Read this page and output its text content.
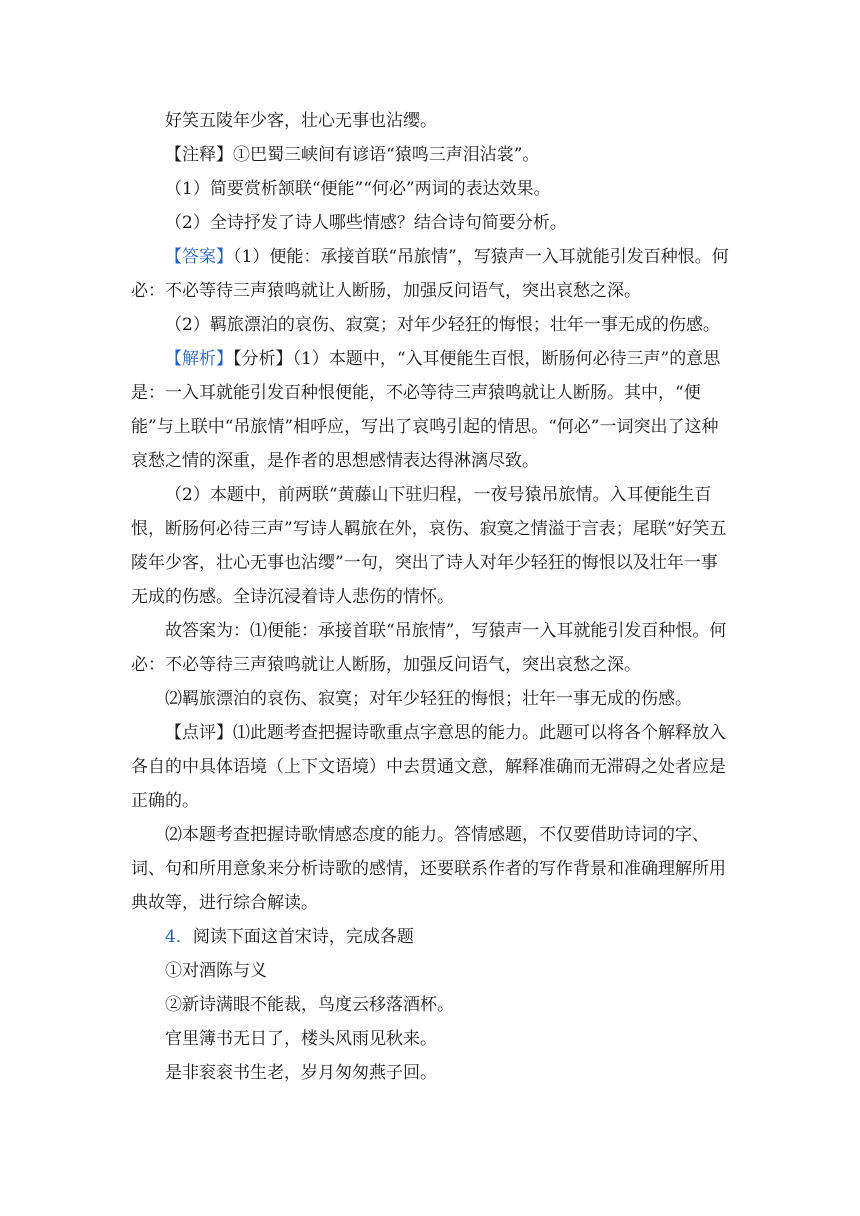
好笑五陵年少客，壮心无事也沾缨。

【注释】①巴蜀三峡间有谚语“猿鸣三声泪沾裳”。

（1）简要赏析颔联“便能”“何必”两词的表达效果。

（2）全诗抒发了诗人哪些情感？结合诗句简要分析。

【答案】（1）便能：承接首联“吊旅情”，写猿声一入耳就能引发百种恨。何必：不必等待三声猿鸣就让人断肠，加强反问语气，突出哀愁之深。

（2）羁旅漂泊的哀伤、寂寞；对年少轻狂的悔恨；壮年一事无成的伤感。

【解析】【分析】（1）本题中，“入耳便能生百恨，断肠何必待三声”的意思是：一入耳就能引发百种恨便能，不必等待三声猿鸣就让人断肠。其中，“便能”与上联中“吊旅情”相呼应，写出了哀鸣引起的情思。“何必”一词突出了这种哀愁之情的深重，是作者的思想感情表达得淋漓尽致。

（2）本题中，前两联“黄藤山下驻归程，一夜号猿吊旅情。入耳便能生百恨，断肠何必待三声”写诗人羁旅在外，哀伤、寂寞之情溢于言表；尾联“好笑五陵年少客，壮心无事也沾缨”一句，突出了诗人对年少轻狂的悔恨以及壮年一事无成的伤感。全诗沉浸着诗人悲伤的情怀。

故答案为：⑴便能：承接首联“吊旅情”，写猿声一入耳就能引发百种恨。何必：不必等待三声猿鸣就让人断肠，加强反问语气，突出哀愁之深。

⑵羁旅漂泊的哀伤、寂寞；对年少轻狂的悔恨；壮年一事无成的伤感。

【点评】⑴此题考查把握诗歌重点字意思的能力。此题可以将各个解释放入各自的中具体语境（上下文语境）中去贯通文意，解释准确而无滞碍之处者应是正确的。

⑵本题考查把握诗歌情感态度的能力。答情感题，不仅要借助诗词的字、词、句和所用意象来分析诗歌的感情，还要联系作者的写作背景和准确理解所用典故等，进行综合解读。

4．阅读下面这首宋诗，完成各题

①对酒陈与义

②新诗满眼不能裁，鸟度云移落酒杯。

官里簿书无日了，楼头风雨见秋来。

是非衮衮书生老，岁月匆匆燕子回。
